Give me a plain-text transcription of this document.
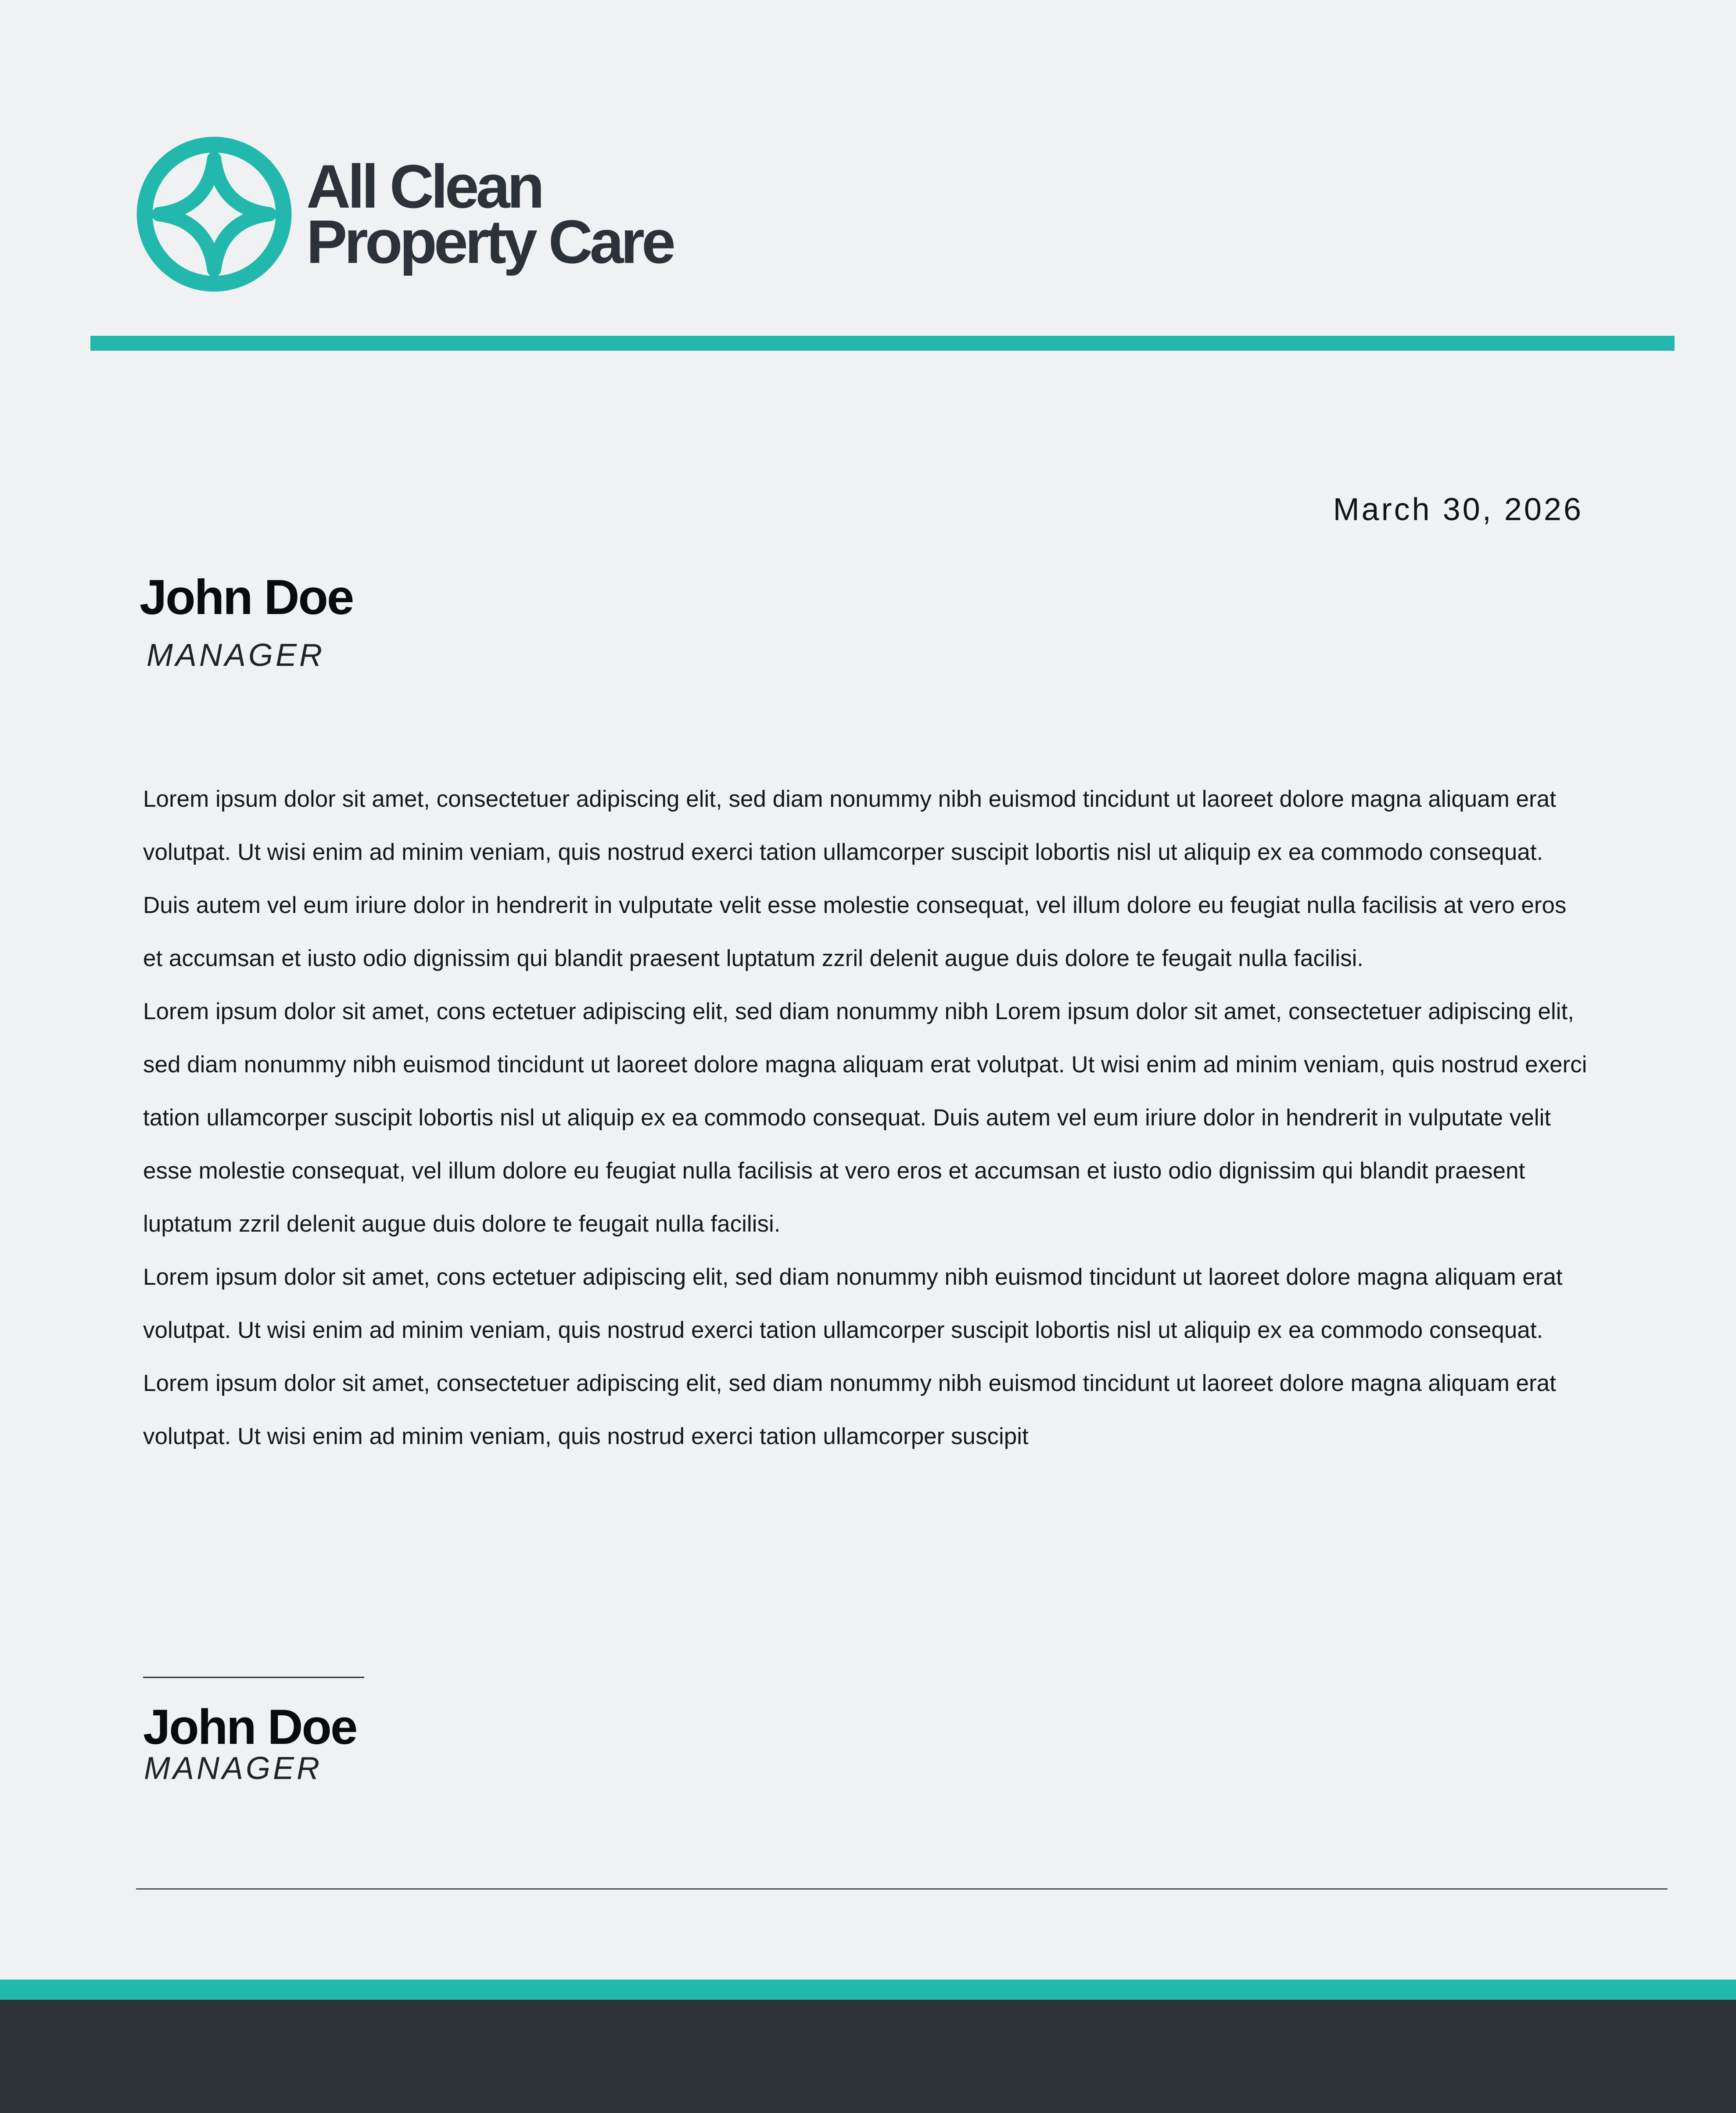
All Clean
Property Care
March 30, 2026
John Doe
MANAGER

Lorem ipsum dolor sit amet, consectetuer adipiscing elit, sed diam nonummy nibh euismod tincidunt ut laoreet dolore magna aliquam erat volutpat. Ut wisi enim ad minim veniam, quis nostrud exerci tation ullamcorper suscipit lobortis nisl ut aliquip ex ea commodo consequat. Duis autem vel eum iriure dolor in hendrerit in vulputate velit esse molestie consequat, vel illum dolore eu feugiat nulla facilisis at vero eros et accumsan et iusto odio dignissim qui blandit praesent luptatum zzril delenit augue duis dolore te feugait nulla facilisi.

Lorem ipsum dolor sit amet, cons ectetuer adipiscing elit, sed diam nonummy nibh Lorem ipsum dolor sit amet, consectetuer adipiscing elit, sed diam nonummy nibh euismod tincidunt ut laoreet dolore magna aliquam erat volutpat. Ut wisi enim ad minim veniam, quis nostrud exerci tation ullamcorper suscipit lobortis nisl ut aliquip ex ea commodo consequat. Duis autem vel eum iriure dolor in hendrerit in vulputate velit esse molestie consequat, vel illum dolore eu feugiat nulla facilisis at vero eros et accumsan et iusto odio dignissim qui blandit praesent luptatum zzril delenit augue duis dolore te feugait nulla facilisi.

Lorem ipsum dolor sit amet, cons ectetuer adipiscing elit, sed diam nonummy nibh euismod tincidunt ut laoreet dolore magna aliquam erat volutpat. Ut wisi enim ad minim veniam, quis nostrud exerci tation ullamcorper suscipit lobortis nisl ut aliquip ex ea commodo consequat.

Lorem ipsum dolor sit amet, consectetuer adipiscing elit, sed diam nonummy nibh euismod tincidunt ut laoreet dolore magna aliquam erat volutpat. Ut wisi enim ad minim veniam, quis nostrud exerci tation ullamcorper suscipit

John Doe
MANAGER
